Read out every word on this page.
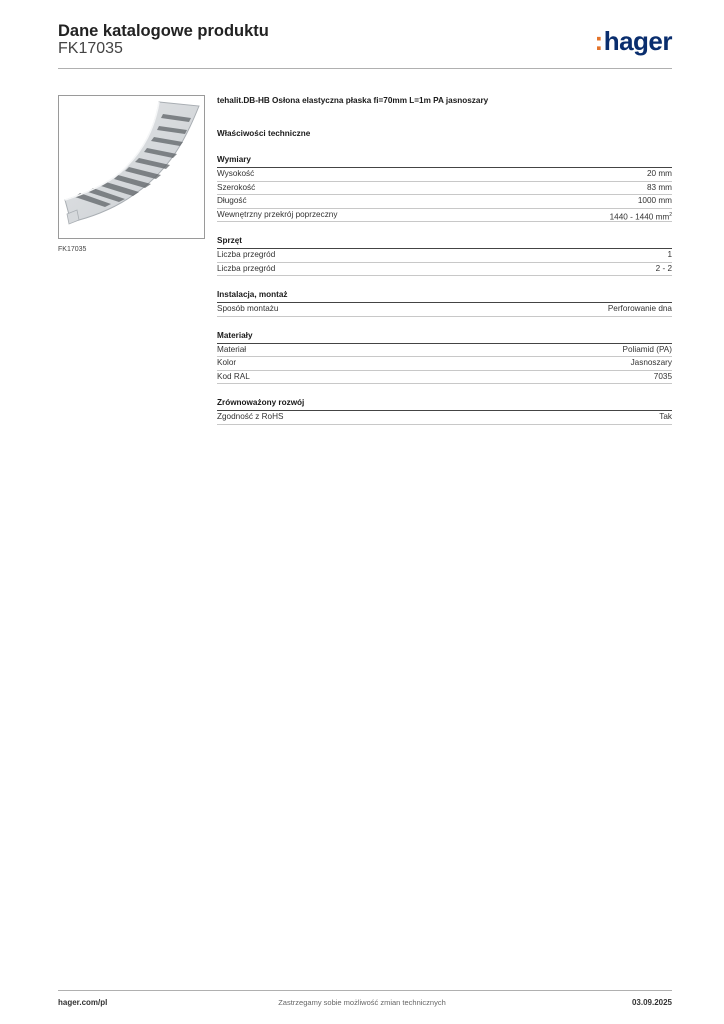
Dane katalogowe produktu
FK17035	:hager
FK17035
tehalit.DB-HB Osłona elastyczna płaska fi=70mm L=1m PA jasnoszary
Właściwości techniczne
Wymiary
Wysokość	20 mm
Szerokość	83 mm
Długość	1000 mm
Wewnętrzny przekrój poprzeczny	1440 - 1440 $mm^2$
Sprzęt
Liczba przegród	1
Liczba przegród	2 - 2
Instalacja, montaż
Sposób montażu	Perforowanie dna
Materiały
Materiał	Poliamid (PA)
Kolor	Jasnoszary
Kod RAL	7035
Zrównoważony rozwój
Zgodność z RoHS	Tak
hager.com/pl	Zastrzegamy sobie możliwość zmian technicznych	03.09.2025
